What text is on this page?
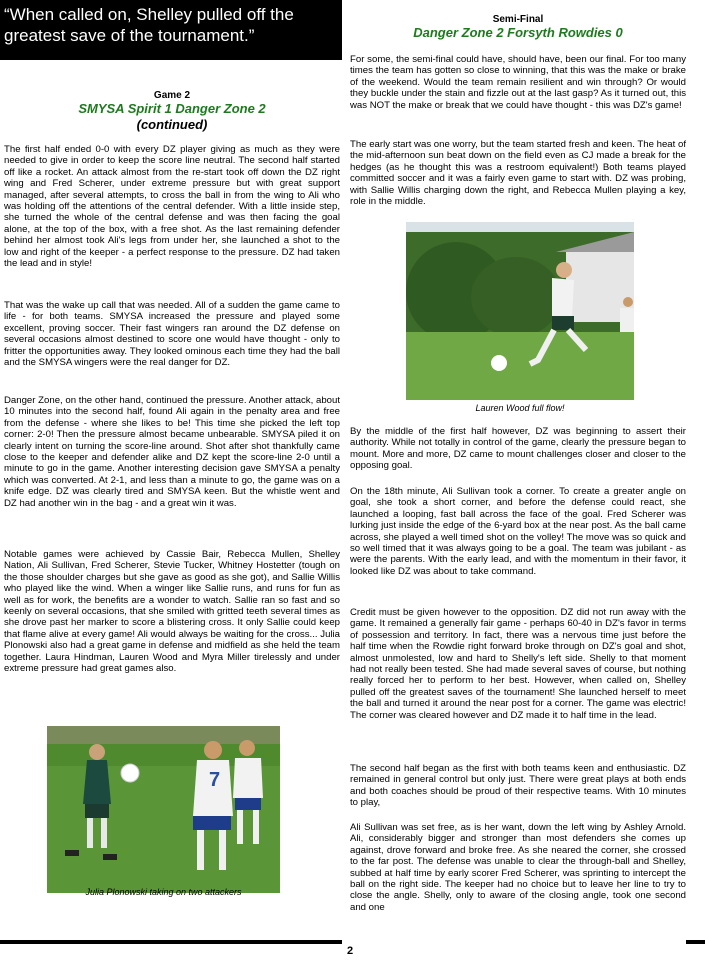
“When called on, Shelley pulled off the greatest save of the tournament.”
Game 2
SMYSA Spirit 1 Danger Zone 2
(continued)

The first half ended 0-0 with every DZ player giving as much as they were needed to give in order to keep the score line neutral. The second half started off like a rocket. An attack almost from the re-start took off down the DZ right wing and Fred Scherer, under extreme pressure but with great support managed, after several attempts, to cross the ball in from the wing to Ali who was holding off the attentions of the central defender. With a little inside step, she turned the whole of the central defense and was then facing the goal alone, at the top of the box, with a free shot. As the last remaining defender behind her almost took Ali's legs from under her, she launched a shot to the low and right of the keeper - a perfect response to the pressure. DZ had taken the lead and in style!

That was the wake up call that was needed. All of a sudden the game came to life - for both teams. SMYSA increased the pressure and played some excellent, proving soccer. Their fast wingers ran around the DZ defense on several occasions almost destined to score one would have thought - only to fritter the opportunities away. They looked ominous each time they had the ball and the SMYSA wingers were the real danger for DZ.

Danger Zone, on the other hand, continued the pressure. Another attack, about 10 minutes into the second half, found Ali again in the penalty area and free from the defense - where she likes to be! This time she picked the left top corner: 2-0! Then the pressure almost became unbearable. SMYSA piled it on clearly intent on turning the score-line around. Shot after shot thankfully came close to the keeper and defender alike and DZ kept the score-line 2-0 until a minute to go in the game. Another interesting decision gave SMYSA a penalty which was converted. At 2-1, and less than a minute to go, the game was on a knife edge. DZ was clearly tired and SMYSA keen. But the whistle went and DZ had another win in the bag - and a great win it was.

Notable games were achieved by Cassie Bair, Rebecca Mullen, Shelley Nation, Ali Sullivan, Fred Scherer, Stevie Tucker, Whitney Hostetter (tough on the those shoulder charges but she gave as good as she got), and Sallie Willis who played like the wind. When a winger like Sallie runs, and runs for fun as well as for work, the benefits are a wonder to watch. Sallie ran so fast and so keenly on several occasions, that she smiled with gritted teeth several times as she drove past her marker to score a blistering cross. It only Sallie could keep that flame alive at every game! Ali would always be waiting for the cross... Julia Plonowski also had a great game in defense and midfield as she held the team together. Laura Hindman, Lauren Wood and Myra Miller tirelessly and under extreme pressure had great games also.

7
Julia Plonowski taking on two attackers
Semi-Final
Danger Zone 2 Forsyth Rowdies 0

For some, the semi-final could have, should have, been our final. For too many times the team has gotten so close to winning, that this was the make or brake of the weekend. Would the team remain resilient and win through? Or would they buckle under the stain and fizzle out at the last gasp? As it turned out, this was NOT the make or break that we could have thought - this was DZ's game!

The early start was one worry, but the team started fresh and keen. The heat of the mid-afternoon sun beat down on the field even as CJ made a break for the hedges (as he thought this was a restroom equivalent!) Both teams played committed soccer and it was a fairly even game to start with. DZ was probing, with Sallie Willis charging down the right, and Rebecca Mullen playing a key, role in the middle.

Lauren Wood full flow!

By the middle of the first half however, DZ was beginning to assert their authority. While not totally in control of the game, clearly the pressure began to mount. More and more, DZ came to mount challenges closer and closer to the opposing goal.

On the 18th minute, Ali Sullivan took a corner. To create a greater angle on goal, she took a short corner, and before the defense could react, she launched a looping, fast ball across the face of the goal. Fred Scherer was lurking just inside the edge of the 6-yard box at the near post. As the ball came across, she played a well timed shot on the volley! The move was so quick and so well timed that it was always going to be a goal. The team was jubilant - as were the parents. With the early lead, and with the momentum in their favor, it looked like DZ was about to take command.

Credit must be given however to the opposition. DZ did not run away with the game. It remained a generally fair game - perhaps 60-40 in DZ's favor in terms of possession and territory. In fact, there was a nervous time just before the half time when the Rowdie right forward broke through on DZ's goal and shot, almost unmolested, low and hard to Shelly's left side. Shelly to that moment had not really been tested. She had made several saves of course, but nothing really forced her to perform to her best. However, when called on, Shelley pulled off the greatest saves of the tournament! She launched herself to meet the ball and turned it around the near post for a corner. The game was electric! The corner was cleared however and DZ made it to half time in the lead.

The second half began as the first with both teams keen and enthusiastic. DZ remained in general control but only just. There were great plays at both ends and both coaches should be proud of their respective teams. With 10 minutes to play,

Ali Sullivan was set free, as is her want, down the left wing by Ashley Arnold. Ali, considerably bigger and stronger than most defenders she comes up against, drove forward and broke free. As she neared the corner, she crossed to the far post. The defense was unable to clear the through-ball and Shelley, subbed at half time by early scorer Fred Scherer, was sprinting to intercept the ball on the right side. The keeper had no choice but to leave her line to try to close the angle. Shelly, only to aware of the closing angle, took one second and one

2
